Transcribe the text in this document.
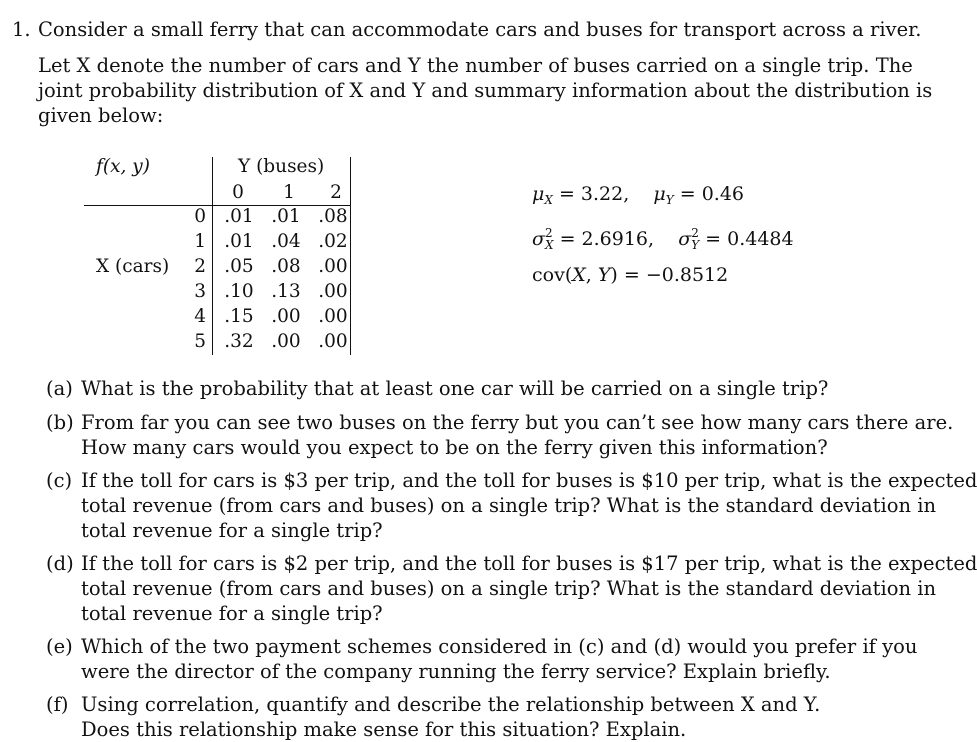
1. Consider a small ferry that can accommodate cars and buses for transport across a river.
Let X denote the number of cars and Y the number of buses carried on a single trip. The
joint probability distribution of X and Y and summary information about the distribution is
given below:
f(x, y)	Y (buses)
0 1 2
X (cars)
0 .01 .01 .08
1 .01 .04 .02
2 .05 .08 .00
3 .10 .13 .00
4 .15 .00 .00
5 .32 .00 .00
$\mu_X = 3.22$,    $\mu_Y = 0.46$
σ $_{2 X}$ = 2.6916,    σ $_{2 Y}$ = 0.4484
cov(X, Y) = −0.8512
(a) What is the probability that at least one car will be carried on a single trip?
(b) From far you can see two buses on the ferry but you can’t see how many cars there are.
How many cars would you expect to be on the ferry given this information?
(c) If the toll for cars is $3 per trip, and the toll for buses is $10 per trip, what is the expected
total revenue (from cars and buses) on a single trip? What is the standard deviation in
total revenue for a single trip?
(d) If the toll for cars is $2 per trip, and the toll for buses is $17 per trip, what is the expected
total revenue (from cars and buses) on a single trip? What is the standard deviation in
total revenue for a single trip?
(e) Which of the two payment schemes considered in (c) and (d) would you prefer if you
were the director of the company running the ferry service? Explain briefly.
(f) Using correlation, quantify and describe the relationship between X and Y.
Does this relationship make sense for this situation? Explain.
